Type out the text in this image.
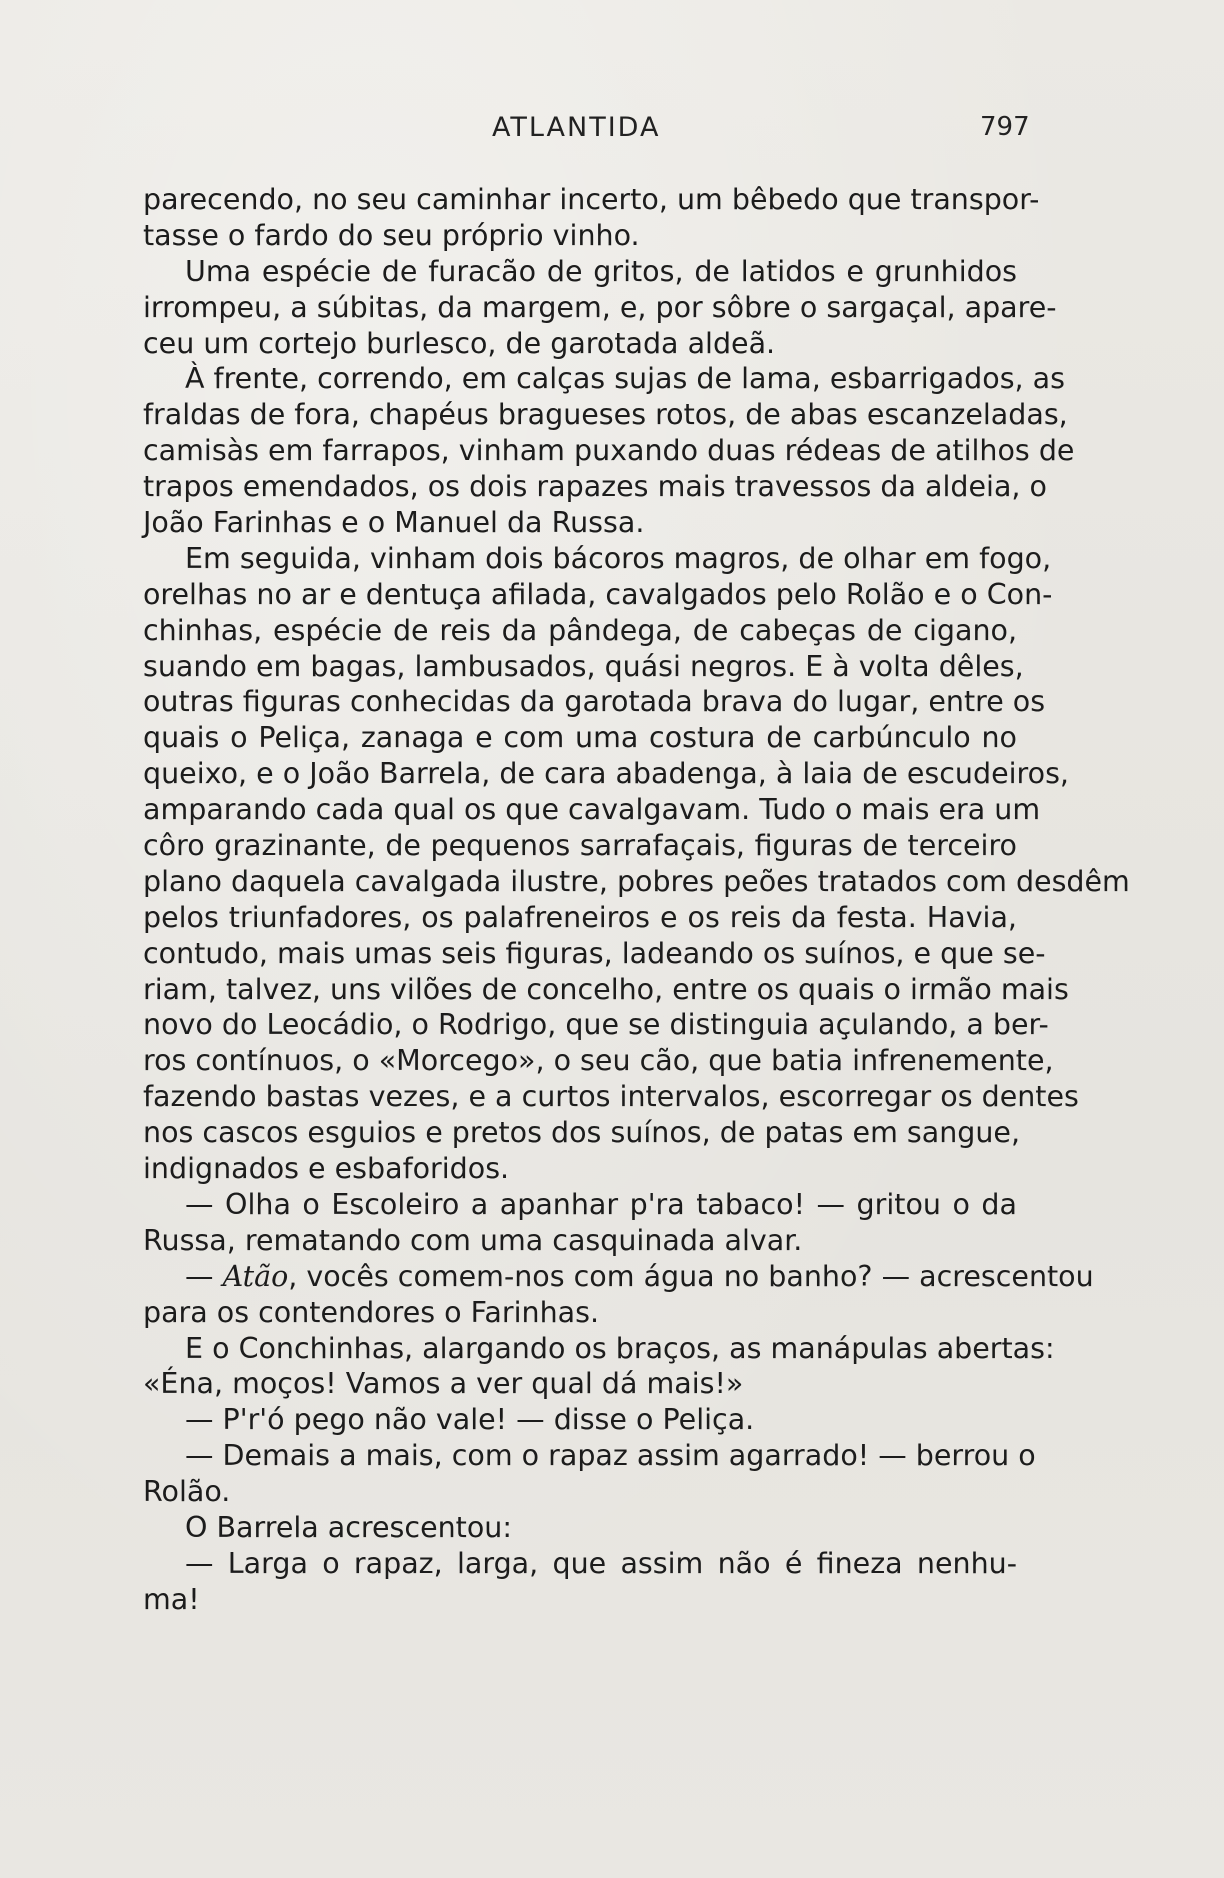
ATLANTIDA	797
parecendo, no seu caminhar incerto, um bêbedo que transpor-
tasse o fardo do seu próprio vinho.
Uma espécie de furacão de gritos, de latidos e grunhidos
irrompeu, a súbitas, da margem, e, por sôbre o sargaçal, apare-
ceu um cortejo burlesco, de garotada aldeã.
À frente, correndo, em calças sujas de lama, esbarrigados, as
fraldas de fora, chapéus bragueses rotos, de abas escanzeladas,
camisàs em farrapos, vinham puxando duas rédeas de atilhos de
trapos emendados, os dois rapazes mais travessos da aldeia, o
João Farinhas e o Manuel da Russa.
Em seguida, vinham dois bácoros magros, de olhar em fogo,
orelhas no ar e dentuça afilada, cavalgados pelo Rolão e o Con-
chinhas, espécie de reis da pândega, de cabeças de cigano,
suando em bagas, lambusados, quási negros. E à volta dêles,
outras figuras conhecidas da garotada brava do lugar, entre os
quais o Peliça, zanaga e com uma costura de carbúnculo no
queixo, e o João Barrela, de cara abadenga, à laia de escudeiros,
amparando cada qual os que cavalgavam. Tudo o mais era um
côro grazinante, de pequenos sarrafaçais, figuras de terceiro
plano daquela cavalgada ilustre, pobres peões tratados com desdêm
pelos triunfadores, os palafreneiros e os reis da festa. Havia,
contudo, mais umas seis figuras, ladeando os suínos, e que se-
riam, talvez, uns vilões de concelho, entre os quais o irmão mais
novo do Leocádio, o Rodrigo, que se distinguia açulando, a ber-
ros contínuos, o «Morcego», o seu cão, que batia infrenemente,
fazendo bastas vezes, e a curtos intervalos, escorregar os dentes
nos cascos esguios e pretos dos suínos, de patas em sangue,
indignados e esbaforidos.
— Olha o Escoleiro a apanhar p'ra tabaco! — gritou o da
Russa, rematando com uma casquinada alvar.
— Atão, vocês comem-nos com água no banho? — acrescentou
para os contendores o Farinhas.
E o Conchinhas, alargando os braços, as manápulas abertas:
«Éna, moços! Vamos a ver qual dá mais!»
— P'r'ó pego não vale! — disse o Peliça.
— Demais a mais, com o rapaz assim agarrado! — berrou o
Rolão.
O Barrela acrescentou:
— Larga o rapaz, larga, que assim não é fineza nenhu-
ma!
